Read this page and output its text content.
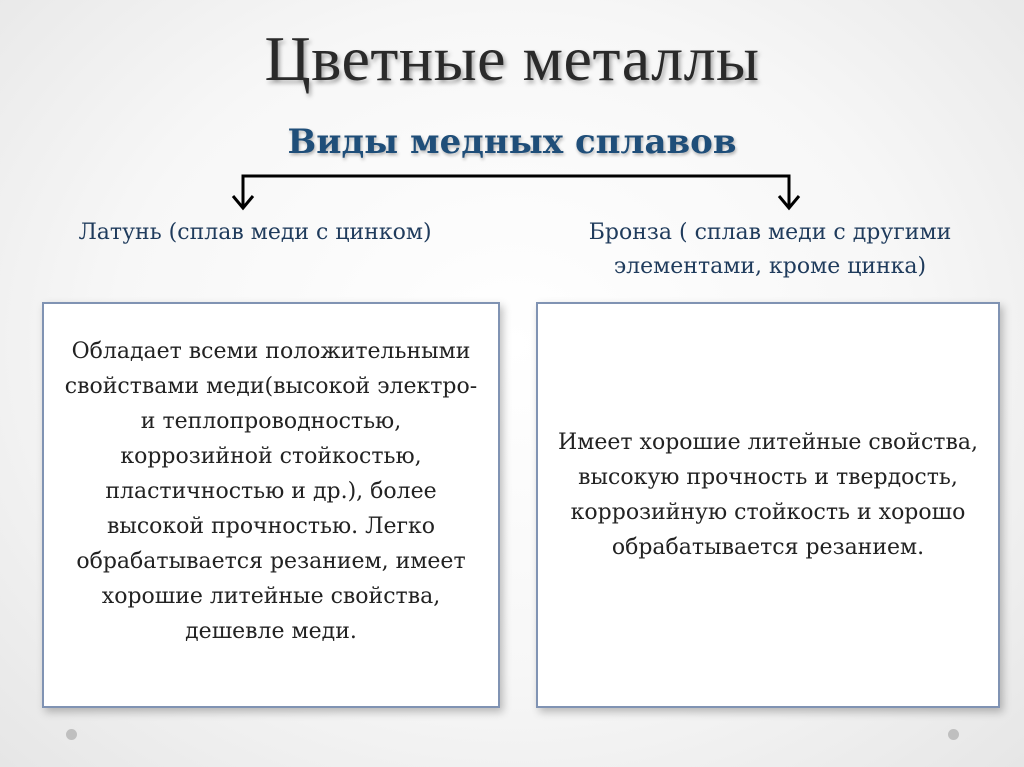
Цветные металлы
Виды медных сплавов
Латунь (сплав меди с цинком)	Бронза ( сплав меди с другими элементами, кроме цинка)
Обладает всеми положительными свойствами меди(высокой электро- и теплопроводностью, коррозийной стойкостью, пластичностью и др.), более высокой прочностью. Легко обрабатывается резанием, имеет хорошие литейные свойства, дешевле меди.
Имеет хорошие литейные свойства, высокую прочность и твердость, коррозийную стойкость и хорошо обрабатывается резанием.
